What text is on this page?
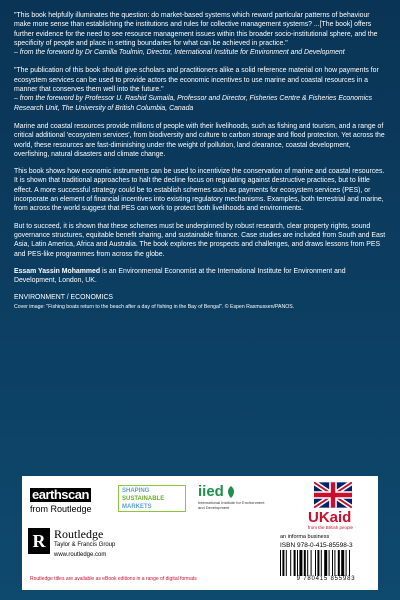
"This book helpfully illuminates the question: do market-based systems which reward particular patterns of behaviour make more sense than establishing the institutions and rules for collective management systems? ...[The book] offers further evidence for the need to see resource management issues within this broader socio-institutional sphere, and the specificity of people and place in setting boundaries for what can be achieved in practice."

– from the foreword by Dr Camilla Toulmin, Director, International Institute for Environment and Development

"The publication of this book should give scholars and practitioners alike a solid reference material on how payments for ecosystem services can be used to provide actors the economic incentives to use marine and coastal resources in a manner that conserves them well into the future."

– from the foreword by Professor U. Rashid Sumaila, Professor and Director, Fisheries Centre & Fisheries Economics Research Unit, The University of British Columbia, Canada

Marine and coastal resources provide millions of people with their livelihoods, such as fishing and tourism, and a range of critical additional 'ecosystem services', from biodiversity and culture to carbon storage and flood protection. Yet across the world, these resources are fast-diminishing under the weight of pollution, land clearance, coastal development, overfishing, natural disasters and climate change.

This book shows how economic instruments can be used to incentivize the conservation of marine and coastal resources. It is shown that traditional approaches to halt the decline focus on regulating against destructive practices, but to little effect. A more successful strategy could be to establish schemes such as payments for ecosystem services (PES), or incorporate an element of financial incentives into existing regulatory mechanisms. Examples, both terrestrial and marine, from across the world suggest that PES can work to protect both livelihoods and environments.

But to succeed, it is shown that these schemes must be underpinned by robust research, clear property rights, sound governance structures, equitable benefit sharing, and sustainable finance. Case studies are included from South and East Asia, Latin America, Africa and Australia. The book explores the prospects and challenges, and draws lessons from PES and PES-like programmes from across the globe.

Essam Yassin Mohammed is an Environmental Economist at the International Institute for Environment and Development, London, UK.

ENVIRONMENT / ECONOMICS

Cover image: "Fishing boats return to the beach after a day of fishing in the Bay of Bengal". © Espen Rasmussen/PANOS.

earthscan
from Routledge
SHAPING
SUSTAINABLE
MARKETS
iied
International Institute for Environment and Development
UKaid
from the British people
R Routledge
Taylor & Francis Group
www.routledge.com
an informa business
ISBN 978-0-415-85598-3
9 780415 855983
Routledge titles are available as eBook editions in a range of digital formats
